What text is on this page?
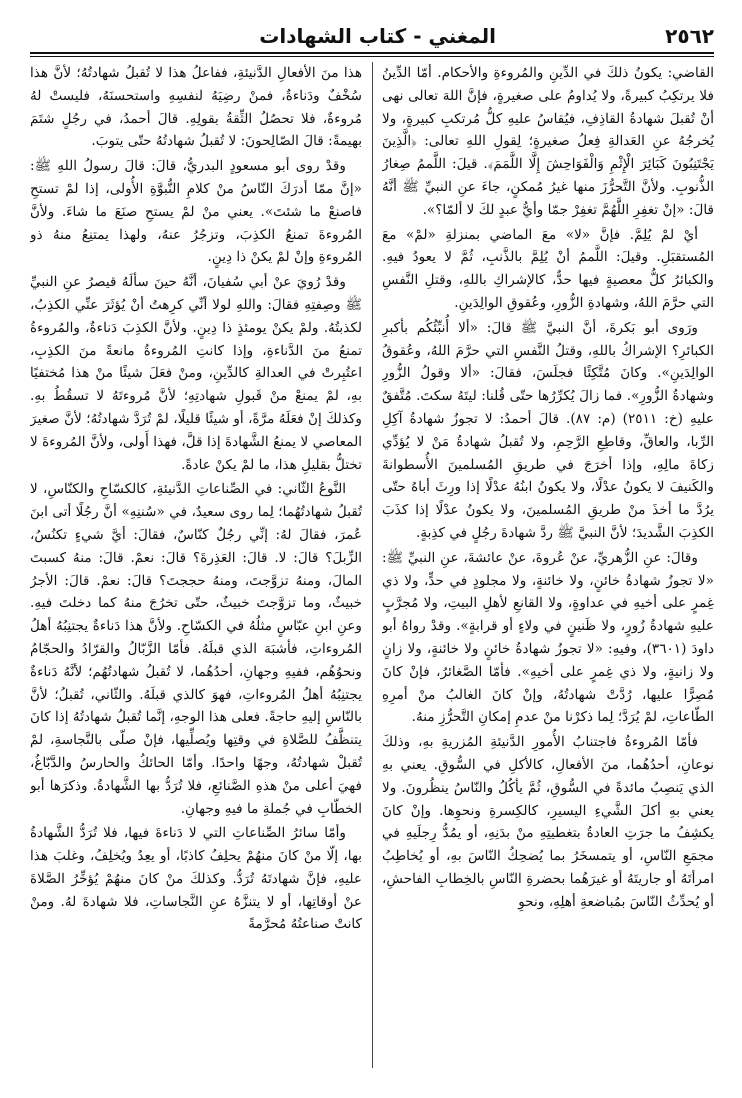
٢٥٦٢
المغني - كتاب الشهادات

القاضي: يكونُ ذلكَ في الدِّينِ والمُروءةِ والأحكام. أمّا الدِّينُ فلا يرتكِبُ كبيرةً، ولا يُداومُ على صغيرةٍ، فإنَّ اللهَ تعالى نهى أنْ تُقبلَ شهادةُ القاذِفِ، فيُقاسُ عليهِ كلُّ مُرتكبِ كبيرةٍ، ولا يُخرجُهُ عنِ العَدالةِ فِعلُ صغيرةٍ؛ لِقولِ اللهِ تعالى: ﴿الَّذِينَ يَجْتَنِبُونَ كَبَائِرَ الْإِثْمِ وَالْفَوَاحِشَ إِلَّا اللَّمَمَ﴾. قيلَ: اللَّممُ صِغارُ الذُّنوبِ. ولأنَّ التَّحرُّزَ منها غيرُ مُمكنٍ، جاءَ عنِ النبيِّ ﷺ أنَّهُ قالَ: «إنْ تغفِرِ اللَّهُمَّ تغفِرْ جمّا وأيُّ عبدٍ لكَ لا ألمّا؟».

أيْ لمْ يُلِمَّ. فإنَّ «لا» معَ الماضي بمنزلةِ «لمْ» معَ المُستقبَلِ. وقيلَ: اللَّممُ أنْ يُلِمَّ بالذَّنبِ، ثُمَّ لا يعودُ فيهِ. والكبائرُ كلُّ معصيةٍ فيها حدٌّ، كالإشراكِ باللهِ، وقتلِ النَّفسِ التي حرَّمَ اللهُ، وشهادةِ الزُّورِ، وعُقوقِ الوالِدَينِ.

ورَوى أبو بَكرةَ، أنَّ النبيَّ ﷺ قالَ: «ألا أُنبِّئُكُم بأكبرِ الكبائرِ؟ الإشراكُ باللهِ، وقتلُ النَّفسِ التي حرَّمَ اللهُ، وعُقوقُ الوالِدَينِ». وكانَ مُتَّكِئًا فجلَسَ، فقالَ: «ألا وقولُ الزُّورِ وشهادةُ الزُّورِ». فما زالَ يُكرِّرُها حتّى قُلنا: ليتَهُ سكتَ. مُتَّفقٌ عليهِ (خ: ٢٥١١) (م: ٨٧). قالَ أحمدُ: لا تجوزُ شهادةُ آكِلِ الرِّبا، والعاقِّ، وقاطِعِ الرَّحِمِ، ولا تُقبلُ شهادةُ مَنْ لا يُؤدِّي زكاةَ مالِهِ، وإذا أخرَجَ في طريقِ المُسلمينَ الأُسطوانةَ والكَنيفَ لا يكونُ عدْلًا، ولا يكونُ ابنُهُ عدْلًا إذا ورِثَ أباهُ حتّى يرُدَّ ما أخذَ منْ طريقِ المُسلمينَ، ولا يكونُ عدْلًا إذا كذَبَ الكذِبَ الشَّديدَ؛ لأنَّ النبيَّ ﷺ ردَّ شهادةَ رجُلٍ في كذِبةٍ.

وقالَ: عنِ الزُّهريِّ، عنْ عُروةَ، عنْ عائشةَ، عنِ النبيِّ ﷺ: «لا تجوزُ شهادةُ خائنٍ، ولا خائنةٍ، ولا مجلودٍ في حدٍّ، ولا ذي غِمرٍ على أخيهِ في عداوةٍ، ولا القانعِ لأهلِ البيتِ، ولا مُجرَّبٍ عليهِ شهادةُ زُورٍ، ولا ظَنينٍ في ولاءٍ أو قرابةٍ». وقدْ رواهُ أبو داودَ (٣٦٠١)، وفيهِ: «لا تجوزُ شهادةُ خائنٍ ولا خائنةٍ، ولا زانٍ ولا زانيةٍ، ولا ذي غِمرٍ على أخيهِ». فأمّا الصَّغائرُ، فإنْ كانَ مُصِرًّا عليها، رُدَّتْ شهادتُهُ، وإنْ كانَ الغالبُ منْ أمرِهِ الطّاعاتِ، لمْ يُرَدَّ؛ لِما ذكرْنا منْ عدمِ إمكانِ التَّحرُّزِ منهُ.

فأمّا المُروءةُ فاجتنابُ الأُمورِ الدَّنيئةِ المُزريةِ بهِ، وذلكَ نوعانِ، أحدُهُما، منَ الأفعالِ، كالأكلِ في السُّوقِ. يعني بهِ الذي يَنصِبُ مائدةً في السُّوقِ، ثُمَّ يأكُلُ والنّاسُ ينظُرونَ. ولا يعني بهِ أكلَ الشَّيءِ اليسيرِ، كالكِسرةِ ونحوِها. وإنْ كانَ يكشِفُ ما جرَتِ العادةُ بتغطيتِهِ منْ بدَنِهِ، أو يمُدُّ رِجلَيهِ في مجمَعِ النّاسِ، أو يتمسخَرُ بما يُضحِكُ النّاسَ بهِ، أو يُخاطِبُ امرأتَهُ أو جاريتَهُ أو غيرَهُما بحضرةِ النّاسِ بالخِطابِ الفاحشِ، أو يُحدِّثُ النّاسَ بمُباضعةِ أهلِهِ، ونحوِ

هذا منَ الأفعالِ الدَّنيئةِ، ففاعلُ هذا لا تُقبلُ شهادتُهُ؛ لأنَّ هذا سُخْفٌ ودَناءةٌ، فمنْ رضِيَهُ لنفسِهِ واستحسنَهُ، فليستْ لهُ مُروءةٌ، فلا تحصُلُ الثِّقةُ بقولِهِ. قالَ أحمدُ، في رجُلٍ شتَمَ بهيمةً: قالَ الصّالِحونَ: لا تُقبلُ شهادتُهُ حتّى يتوبَ.

وقدْ روى أبو مسعودٍ البدريُّ، قالَ: قالَ رسولُ اللهِ ﷺ: «إنَّ ممّا أدرَكَ النّاسُ منْ كلامِ النُّبوَّةِ الأُولى، إذا لمْ تستحِ فاصنعْ ما شئتَ». يعني منْ لمْ يستحِ صنَعَ ما شاءَ. ولأنَّ المُروءةَ تمنعُ الكذِبَ، وتزجُرُ عنهُ، ولهذا يمتنِعُ منهُ ذو المُروءةِ وإنْ لمْ يكنْ ذا دِينٍ.

وقدْ رُويَ عنْ أبي سُفيانَ، أنَّهُ حينَ سألَهُ قيصرُ عنِ النبيِّ ﷺ وصِفتِهِ فقالَ: واللهِ لولا أنِّي كرِهتُ أنْ يُؤثَرَ عنِّي الكذِبُ، لكذبتُهُ. ولمْ يكنْ يومئذٍ ذا دِينٍ. ولأنَّ الكذِبَ دَناءةٌ، والمُروءةُ تمنعُ منَ الدَّناءةِ، وإذا كانتِ المُروءةُ مانعةً منَ الكذِبِ، اعتُبِرتْ في العدالةِ كالدِّينِ، ومنْ فعَلَ شيئًا منْ هذا مُختفيًا بهِ، لمْ يمنعْ منْ قَبولِ شهادتِهِ؛ لأنَّ مُروءتَهُ لا تسقُطُ بهِ. وكذلكَ إنْ فعَلَهُ مرَّةً، أو شيئًا قليلًا، لمْ تُرَدَّ شهادتُهُ؛ لأنَّ صغيرَ المعاصي لا يمنعُ الشَّهادةَ إذا قلَّ، فهذا أَولى، ولأنَّ المُروءةَ لا تختلُّ بقليلِ هذا، ما لمْ يكنْ عادةً.

النَّوعُ الثّاني: في الصِّناعاتِ الدَّنيئةِ، كالكسّاحِ والكنّاسِ، لا تُقبلُ شهادتُهُما؛ لِما روى سعيدٌ، في «سُننِهِ» أنَّ رجُلًا أتى ابنَ عُمرَ، فقالَ لهُ: إنِّي رجُلٌ كنّاسٌ، فقالَ: أيَّ شيءٍ تكنُسُ، الزِّبلَ؟ قالَ: لا. قالَ: العَذِرةَ؟ قالَ: نعمْ. قالَ: منهُ كسبتَ المالَ، ومنهُ تزوَّجتَ، ومنهُ حججتَ؟ قالَ: نعمْ. قالَ: الأجرُ خبيثٌ، وما تزوَّجتَ خبيثٌ، حتّى تخرُجَ منهُ كما دخلتَ فيهِ. وعنِ ابنِ عبّاسٍ مثلُهُ في الكسّاحِ. ولأنَّ هذا دَناءةٌ يجتنِبُهُ أهلُ المُروءاتِ، فأشبَهَ الذي قبلَهُ. فأمّا الزَّبّالُ والقرّادُ والحجّامُ ونحوُهُم، ففيهِ وجهانِ، أحدُهُما، لا تُقبلُ شهادتُهُم؛ لأنَّهُ دَناءةٌ يجتنِبُهُ أهلُ المُروءاتِ، فهوَ كالذي قبلَهُ. والثّاني، تُقبلُ؛ لأنَّ بالنّاسِ إليهِ حاجةً. فعلى هذا الوجهِ، إنَّما تُقبلُ شهادتُهُ إذا كانَ يتنظَّفُ للصَّلاةِ في وقتِها ويُصلِّيها، فإنْ صلّى بالنَّجاسةِ، لمْ تُقبلْ شهادتُهُ، وجهًا واحدًا. وأمّا الحائكُ والحارسُ والدَّبّاغُ، فهيَ أعلى منْ هذهِ الصَّنائعِ، فلا تُرَدُّ بها الشَّهادةُ. وذكرَها أبو الخطّابِ في جُملةِ ما فيهِ وجهانِ.

وأمّا سائرُ الصِّناعاتِ التي لا دَناءةَ فيها، فلا تُرَدُّ الشَّهادةُ بها، إلّا منْ كانَ منهُمْ يحلِفُ كاذبًا، أو يعِدُ ويُخلِفُ، وغلبَ هذا عليهِ، فإنَّ شهادتَهُ تُرَدُّ. وكذلكَ منْ كانَ منهُمْ يُؤخِّرُ الصَّلاةَ عنْ أوقاتِها، أو لا يتنزَّهُ عنِ النَّجاساتِ، فلا شهادةَ لهُ. ومنْ كانتْ صناعتُهُ مُحرَّمةً
